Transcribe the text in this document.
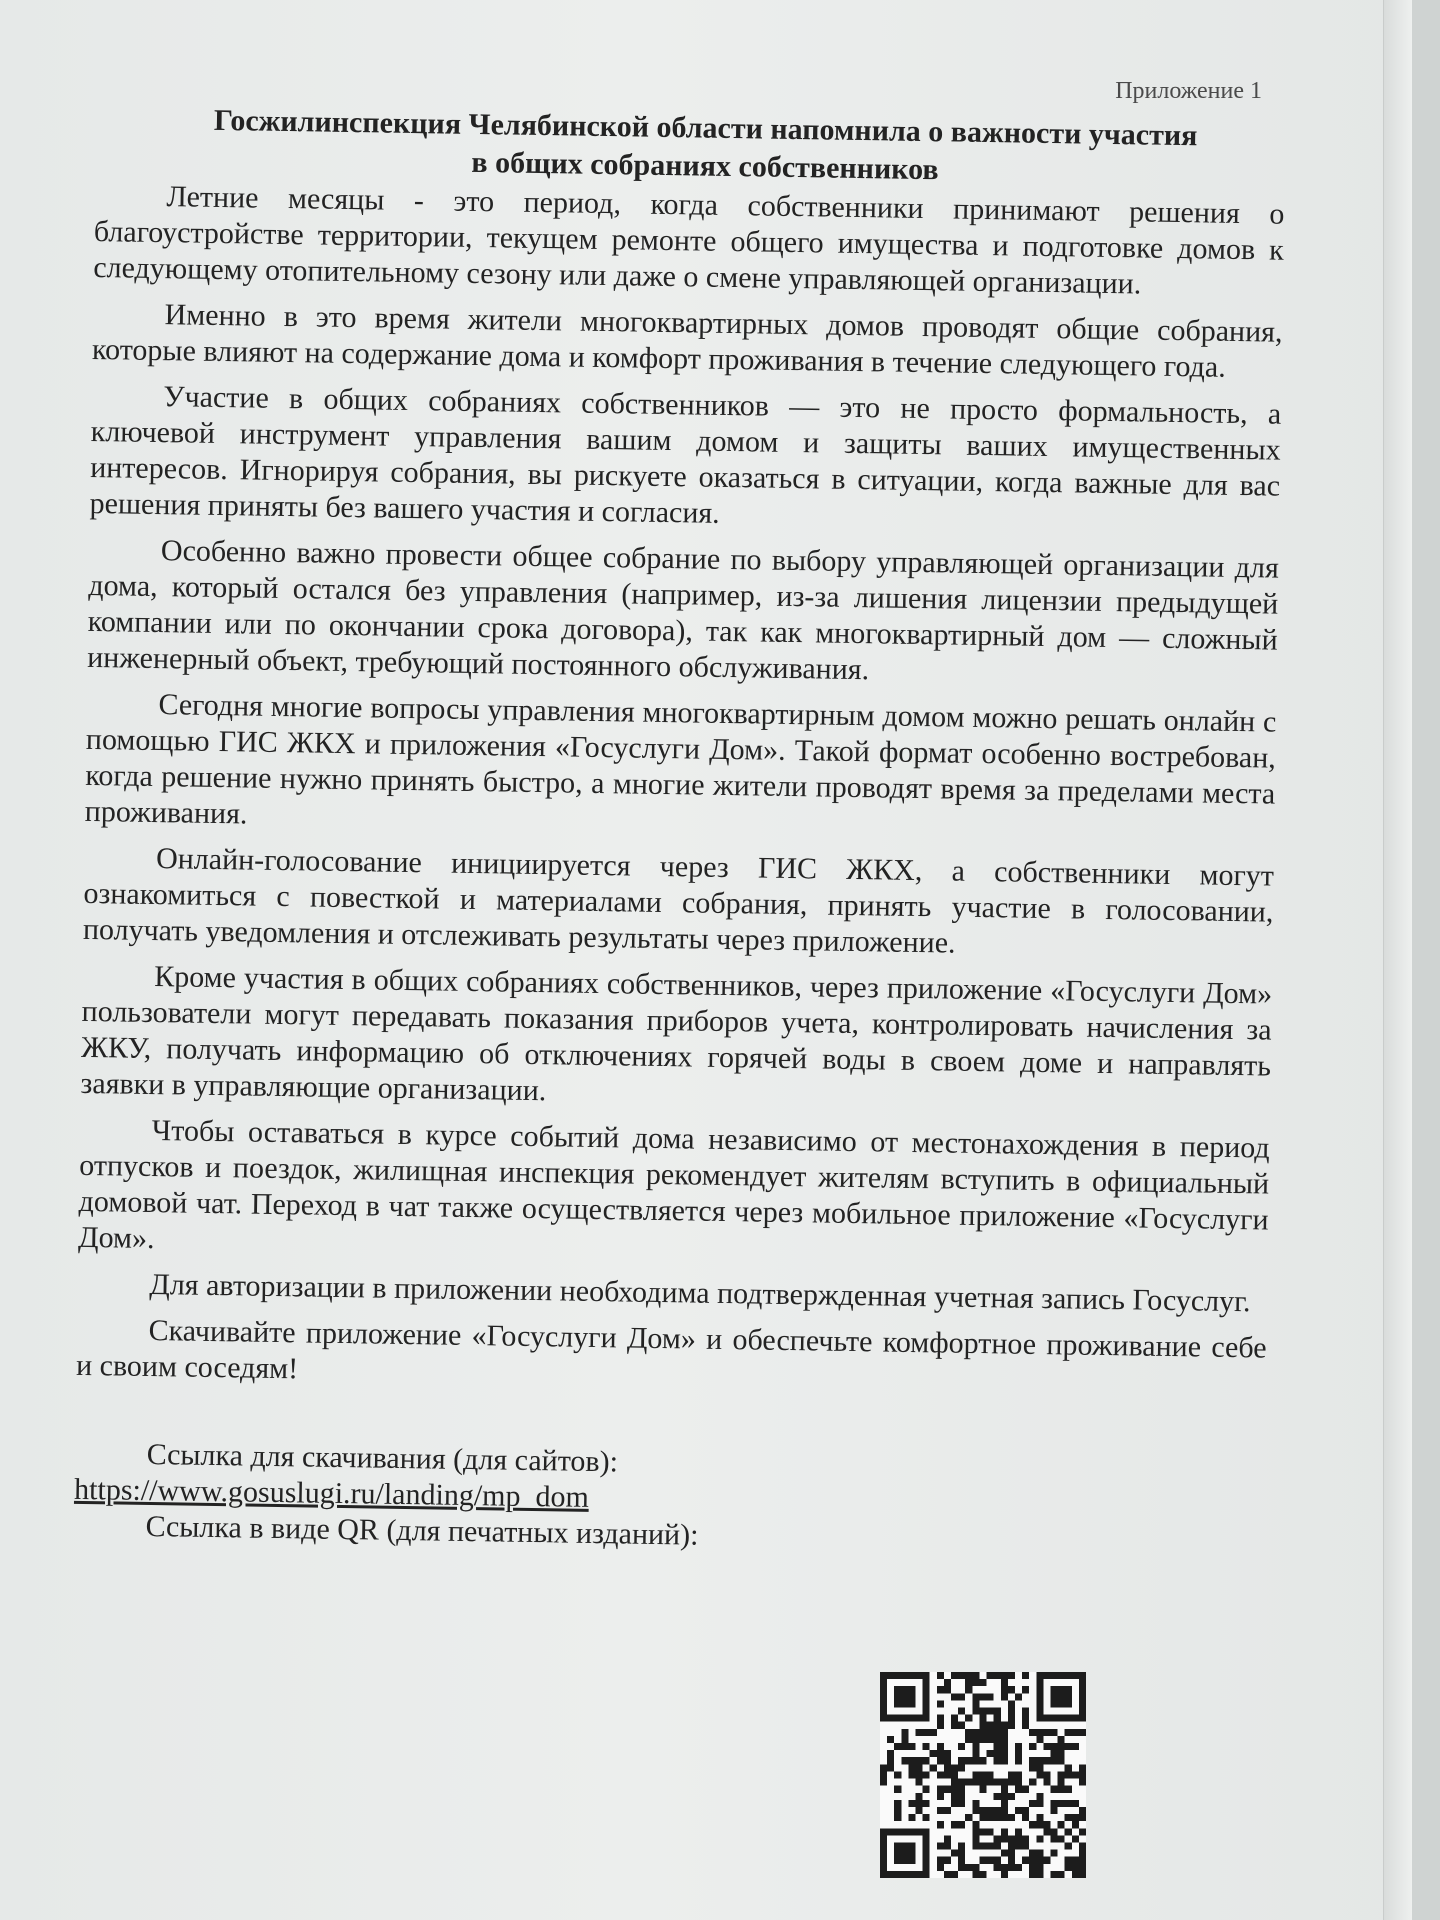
Приложение 1
Госжилинспекция Челябинской области напомнила о важности участия
в общих собраниях собственников

Летние месяцы - это период, когда собственники принимают решения о благоустройстве территории, текущем ремонте общего имущества и подготовке домов к следующему отопительному сезону или даже о смене управляющей организации.

Именно в это время жители многоквартирных домов проводят общие собрания, которые влияют на содержание дома и комфорт проживания в течение следующего года.

Участие в общих собраниях собственников — это не просто формальность, а ключевой инструмент управления вашим домом и защиты ваших имущественных интересов. Игнорируя собрания, вы рискуете оказаться в ситуации, когда важные для вас решения приняты без вашего участия и согласия.

Особенно важно провести общее собрание по выбору управляющей организации для дома, который остался без управления (например, из-за лишения лицензии предыдущей компании или по окончании срока договора), так как многоквартирный дом — сложный инженерный объект, требующий постоянного обслуживания.

Сегодня многие вопросы управления многоквартирным домом можно решать онлайн с помощью ГИС ЖКХ и приложения «Госуслуги Дом». Такой формат особенно востребован, когда решение нужно принять быстро, а многие жители проводят время за пределами места проживания.

Онлайн-голосование инициируется через ГИС ЖКХ, а собственники могут ознакомиться с повесткой и материалами собрания, принять участие в голосовании, получать уведомления и отслеживать результаты через приложение.

Кроме участия в общих собраниях собственников, через приложение «Госуслуги Дом» пользователи могут передавать показания приборов учета, контролировать начисления за ЖКУ, получать информацию об отключениях горячей воды в своем доме и направлять заявки в управляющие организации.

Чтобы оставаться в курсе событий дома независимо от местонахождения в период отпусков и поездок, жилищная инспекция рекомендует жителям вступить в официальный домовой чат. Переход в чат также осуществляется через мобильное приложение «Госуслуги Дом».

Для авторизации в приложении необходима подтвержденная учетная запись Госуслуг.

Скачивайте приложение «Госуслуги Дом» и обеспечьте комфортное проживание себе и своим соседям!

Ссылка для скачивания (для сайтов):
https://www.gosuslugi.ru/landing/mp_dom
Ссылка в виде QR (для печатных изданий):
